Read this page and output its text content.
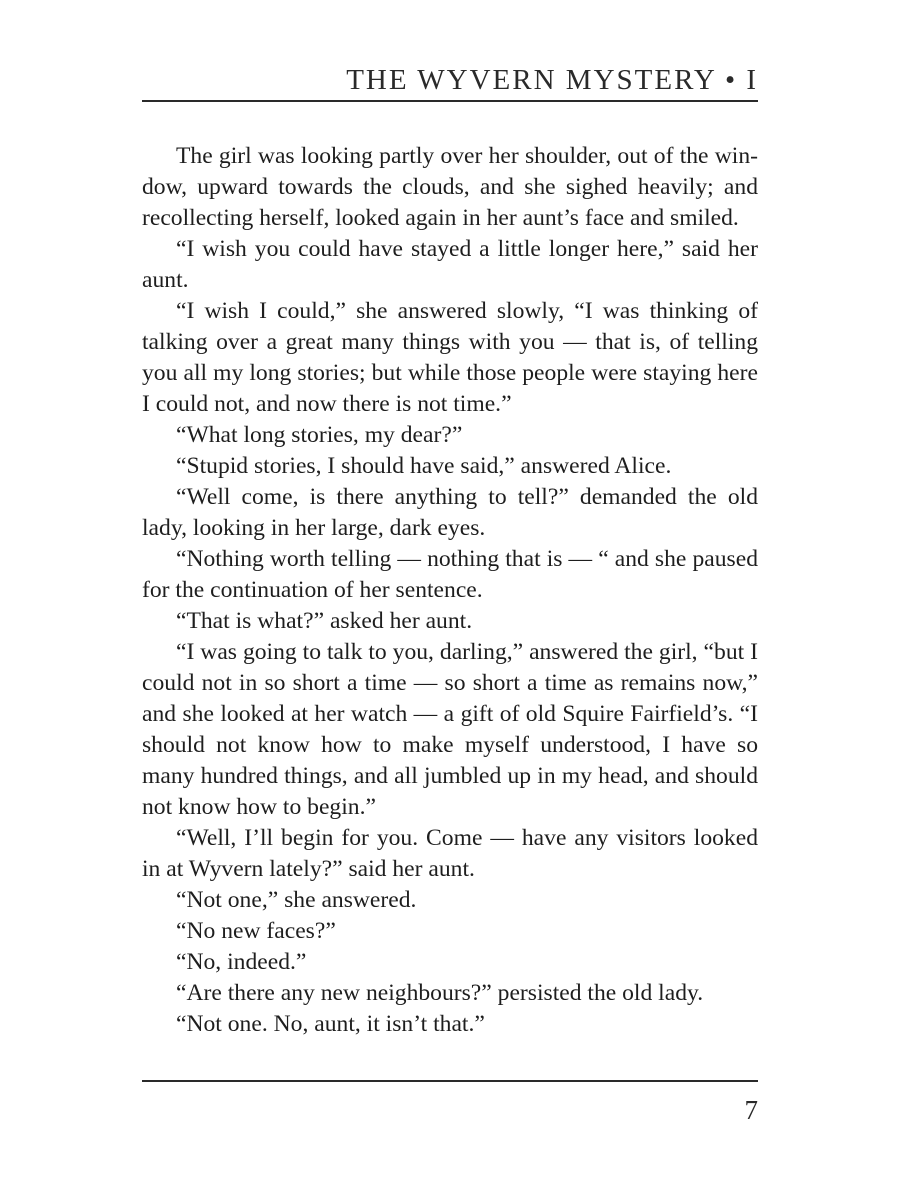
THE WYVERN MYSTERY • I

The girl was looking partly over her shoulder, out of the window, upward towards the clouds, and she sighed heavily; and recollecting herself, looked again in her aunt’s face and smiled.

“I wish you could have stayed a little longer here,” said her aunt.

“I wish I could,” she answered slowly, “I was thinking of talking over a great many things with you — that is, of telling you all my long stories; but while those people were staying here I could not, and now there is not time.”

“What long stories, my dear?”

“Stupid stories, I should have said,” answered Alice.

“Well come, is there anything to tell?” demanded the old lady, looking in her large, dark eyes.

“Nothing worth telling — nothing that is — “ and she paused for the continuation of her sentence.

“That is what?” asked her aunt.

“I was going to talk to you, darling,” answered the girl, “but I could not in so short a time — so short a time as remains now,” and she looked at her watch — a gift of old Squire Fairfield’s. “I should not know how to make myself understood, I have so many hundred things, and all jumbled up in my head, and should not know how to begin.”

“Well, I’ll begin for you. Come — have any visitors looked in at Wyvern lately?” said her aunt.

“Not one,” she answered.

“No new faces?”

“No, indeed.”

“Are there any new neighbours?” persisted the old lady.

“Not one. No, aunt, it isn’t that.”

7
